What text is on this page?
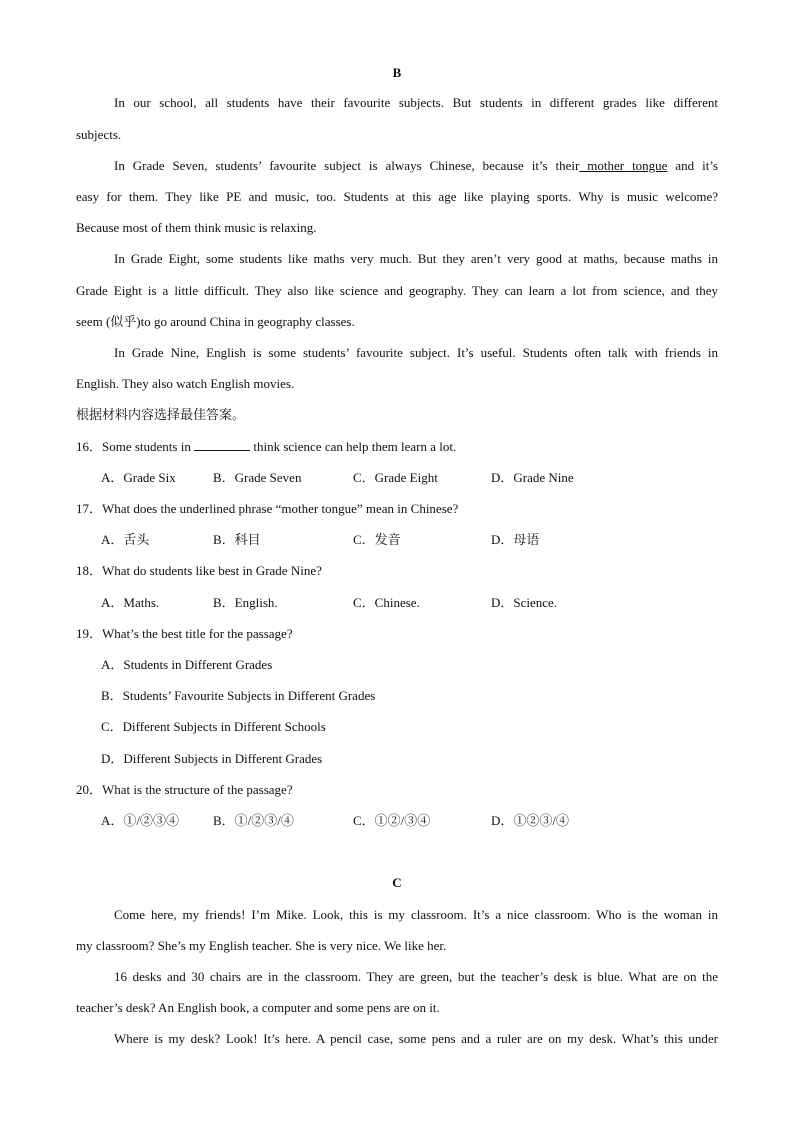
B
In our school, all students have their favourite subjects. But students in different grades like different
subjects.
In Grade Seven, students’ favourite subject is always Chinese, because it’s their mother tongue and it’s
easy for them. They like PE and music, too. Students at this age like playing sports. Why is music welcome?
Because most of them think music is relaxing.
In Grade Eight, some students like maths very much. But they aren’t very good at maths, because maths in
Grade Eight is a little difficult. They also like science and geography. They can learn a lot from science, and they
seem (似乎)to go around China in geography classes.
In Grade Nine, English is some students’ favourite subject. It’s useful. Students often talk with friends in
English. They also watch English movies.
根据材料内容选择最佳答案。
16．Some students in	think science can help them learn a lot.
A．Grade Six	B．Grade Seven	C．Grade Eight	D．Grade Nine
17．What does the underlined phrase “mother tongue” mean in Chinese?
A．舌头	B．科目	C．发音	D．母语
18．What do students like best in Grade Nine?
A．Maths.	B．English.	C．Chinese.	D．Science.
19．What’s the best title for the passage?
A．Students in Different Grades
B．Students’ Favourite Subjects in Different Grades
C．Different Subjects in Different Schools
D．Different Subjects in Different Grades
20．What is the structure of the passage?
A．①/②③④	B．①/②③/④	C．①②/③④	D．①②③/④
C
Come here, my friends! I’m Mike. Look, this is my classroom. It’s a nice classroom. Who is the woman in
my classroom? She’s my English teacher. She is very nice. We like her.
16 desks and 30 chairs are in the classroom. They are green, but the teacher’s desk is blue. What are on the
teacher’s desk? An English book, a computer and some pens are on it.
Where is my desk? Look! It’s here. A pencil case, some pens and a ruler are on my desk. What’s this under
